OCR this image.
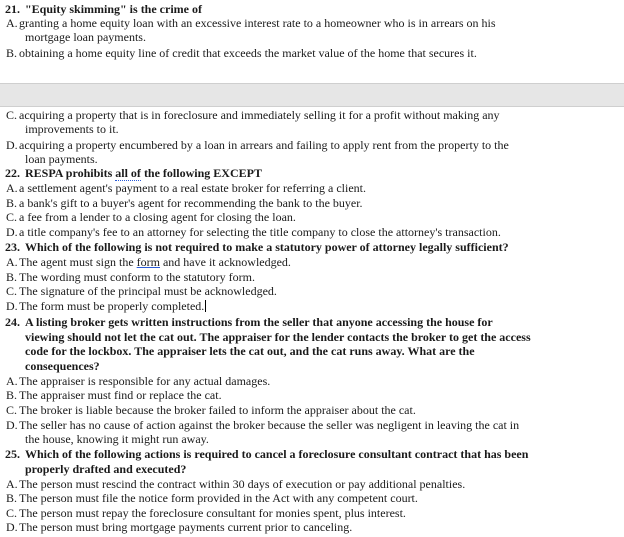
21. "Equity skimming" is the crime of
A.granting a home equity loan with an excessive interest rate to a homeowner who is in arrears on his
mortgage loan payments.
B. obtaining a home equity line of credit that exceeds the market value of the home that secures it.
C. acquiring a property that is in foreclosure and immediately selling it for a profit without making any
improvements to it.
D.acquiring a property encumbered by a loan in arrears and failing to apply rent from the property to the
loan payments.
22. RESPA prohibits all of the following EXCEPT
A.a settlement agent's payment to a real estate broker for referring a client.
B. a bank's gift to a buyer's agent for recommending the bank to the buyer.
C. a fee from a lender to a closing agent for closing the loan.
D.a title company's fee to an attorney for selecting the title company to close the attorney's transaction.
23. Which of the following is not required to make a statutory power of attorney legally sufficient?
A.The agent must sign the form and have it acknowledged.
B. The wording must conform to the statutory form.
C. The signature of the principal must be acknowledged.
D.The form must be properly completed.
24. A listing broker gets written instructions from the seller that anyone accessing the house for
viewing should not let the cat out. The appraiser for the lender contacts the broker to get the access
code for the lockbox. The appraiser lets the cat out, and the cat runs away. What are the
consequences?
A.The appraiser is responsible for any actual damages.
B. The appraiser must find or replace the cat.
C. The broker is liable because the broker failed to inform the appraiser about the cat.
D.The seller has no cause of action against the broker because the seller was negligent in leaving the cat in
the house, knowing it might run away.
25. Which of the following actions is required to cancel a foreclosure consultant contract that has been
properly drafted and executed?
A.The person must rescind the contract within 30 days of execution or pay additional penalties.
B. The person must file the notice form provided in the Act with any competent court.
C. The person must repay the foreclosure consultant for monies spent, plus interest.
D.The person must bring mortgage payments current prior to canceling.
